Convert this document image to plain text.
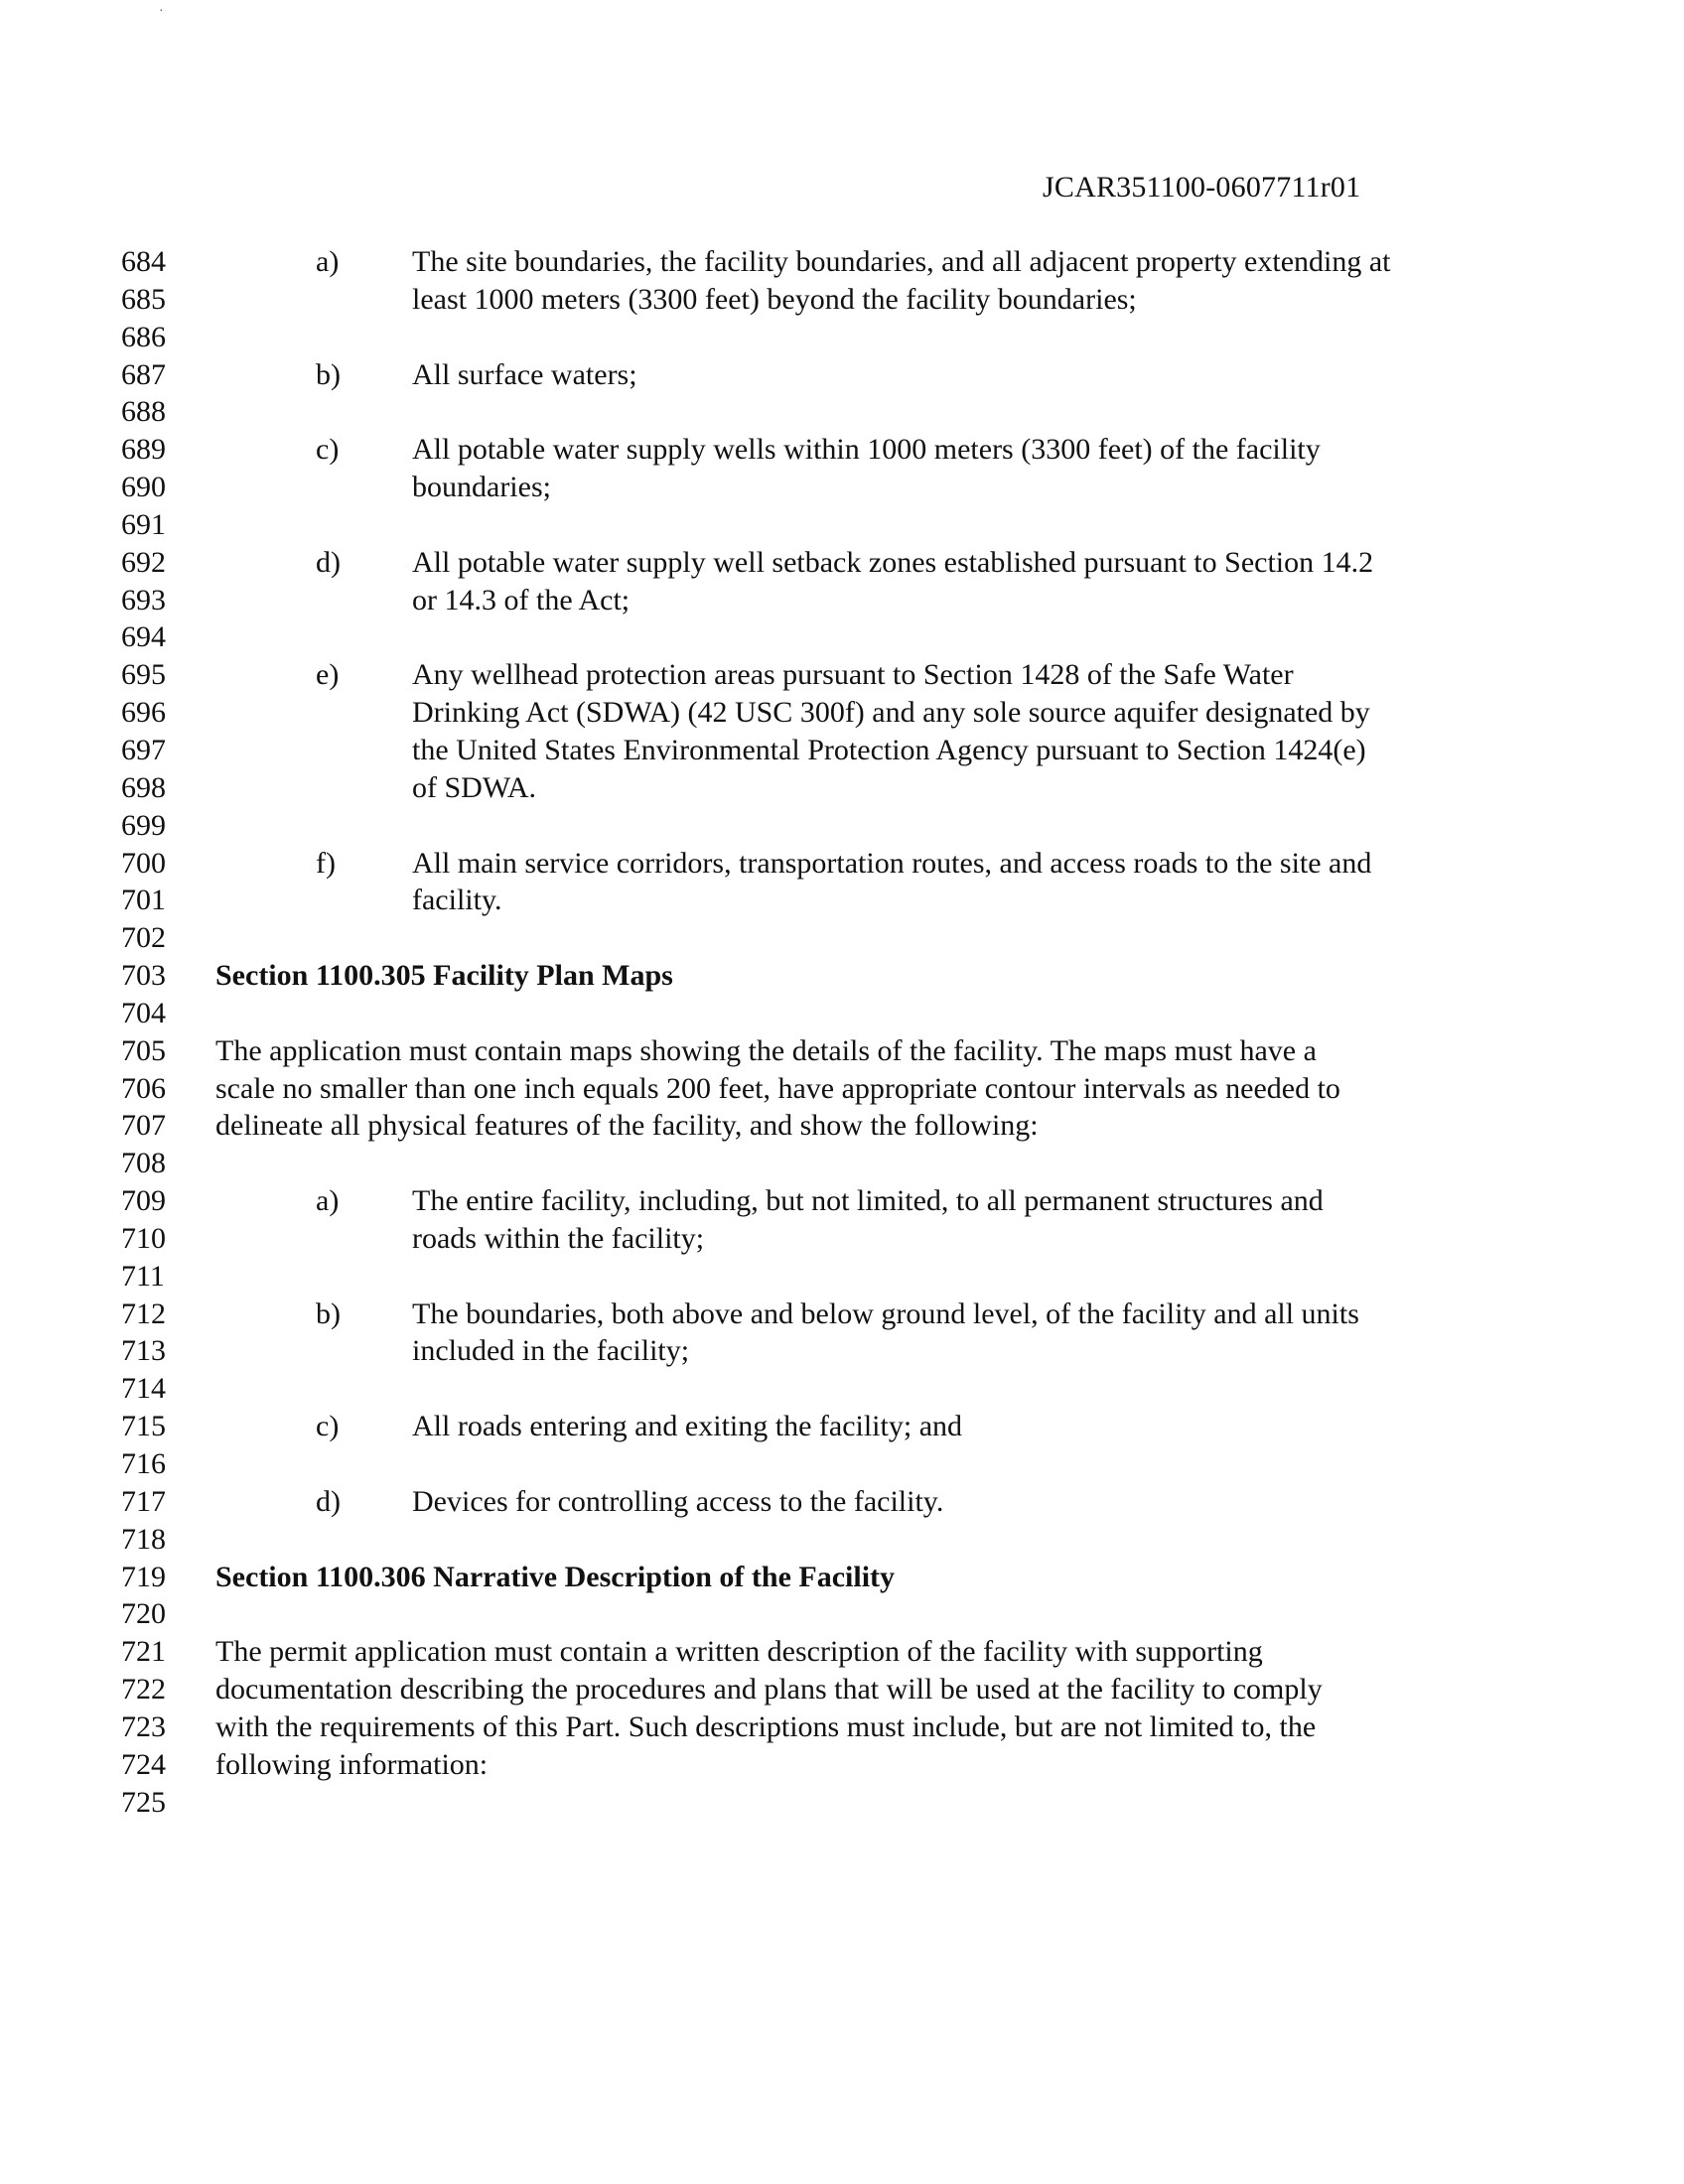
·
JCAR351100-0607711r01
684	a) The site boundaries, the facility boundaries, and all adjacent property extending at
685	least 1000 meters (3300 feet) beyond the facility boundaries;
686
687	b) All surface waters;
688
689	c) All potable water supply wells within 1000 meters (3300 feet) of the facility
690	boundaries;
691
692	d) All potable water supply well setback zones established pursuant to Section 14.2
693	or 14.3 of the Act;
694
695	e) Any wellhead protection areas pursuant to Section 1428 of the Safe Water
696	Drinking Act (SDWA) (42 USC 300f) and any sole source aquifer designated by
697	the United States Environmental Protection Agency pursuant to Section 1424(e)
698	of SDWA.
699
700	f)	All main service corridors, transportation routes, and access roads to the site and
701	facility.
702
703 Section 1100.305 Facility Plan Maps
704
705 The application must contain maps showing the details of the facility. The maps must have a
706 scale no smaller than one inch equals 200 feet, have appropriate contour intervals as needed to
707 delineate all physical features of the facility, and show the following:
708
709	a) The entire facility, including, but not limited, to all permanent structures and
710	roads within the facility;
711
712	b) The boundaries, both above and below ground level, of the facility and all units
713	included in the facility;
714
715	c) All roads entering and exiting the facility; and
716
717	d) Devices for controlling access to the facility.
718
719 Section 1100.306 Narrative Description of the Facility
720
721 The permit application must contain a written description of the facility with supporting
722 documentation describing the procedures and plans that will be used at the facility to comply
723 with the requirements of this Part. Such descriptions must include, but are not limited to, the
724 following information:
725
